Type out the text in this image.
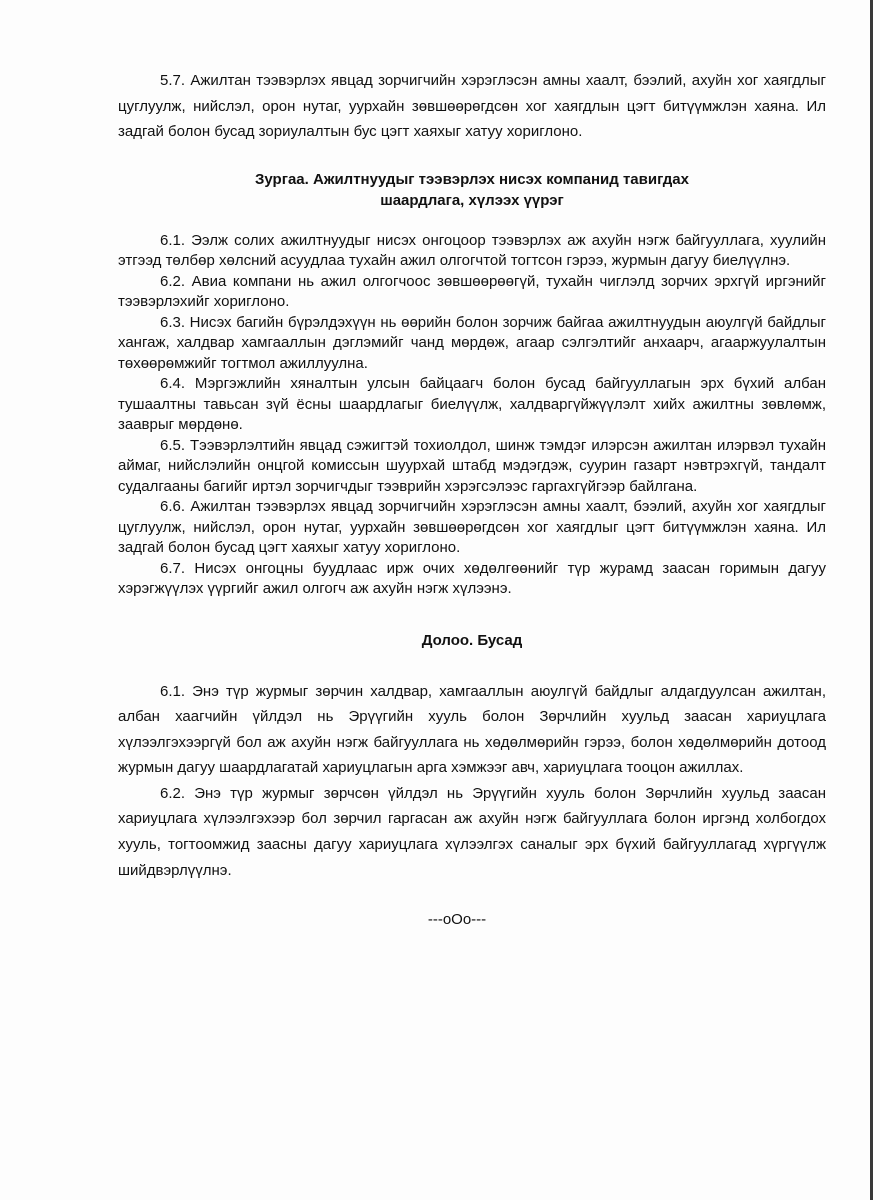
5.7. Ажилтан тээвэрлэх явцад зорчигчийн хэрэглэсэн амны хаалт, бээлий, ахуйн хог хаягдлыг цуглуулж, нийслэл, орон нутаг, уурхайн зөвшөөрөгдсөн хог хаягдлын цэгт битүүмжлэн хаяна. Ил задгай болон бусад зориулалтын бус цэгт хаяхыг хатуу хориглоно.

Зургаа. Ажилтнуудыг тээвэрлэх нисэх компанид тавигдах

шаардлага, хүлээх үүрэг

6.1. Ээлж солих ажилтнуудыг нисэх онгоцоор тээвэрлэх аж ахуйн нэгж байгууллага, хуулийн этгээд төлбөр хөлсний асуудлаа тухайн ажил олгогчтой тогтсон гэрээ, журмын дагуу биелүүлнэ.

6.2. Авиа компани нь ажил олгогчоос зөвшөөрөөгүй, тухайн чиглэлд зорчих эрхгүй иргэнийг тээвэрлэхийг хориглоно.

6.3. Нисэх багийн бүрэлдэхүүн нь өөрийн болон зорчиж байгаа ажилтнуудын аюулгүй байдлыг хангаж, халдвар хамгааллын дэглэмийг чанд мөрдөж, агаар сэлгэлтийг анхаарч, агааржуулалтын төхөөрөмжийг тогтмол ажиллуулна.

6.4. Мэргэжлийн хяналтын улсын байцаагч болон бусад байгууллагын эрх бүхий албан тушаалтны тавьсан зүй ёсны шаардлагыг биелүүлж, халдваргүйжүүлэлт хийх ажилтны зөвлөмж, зааврыг мөрдөнө.

6.5. Тээвэрлэлтийн явцад сэжигтэй тохиолдол, шинж тэмдэг илэрсэн ажилтан илэрвэл тухайн аймаг, нийслэлийн онцгой комиссын шуурхай штабд мэдэгдэж, суурин газарт нэвтрэхгүй, тандалт судалгааны багийг иртэл зорчигчдыг тээврийн хэрэгсэлээс гаргахгүйгээр байлгана.

6.6. Ажилтан тээвэрлэх явцад зорчигчийн хэрэглэсэн амны хаалт, бээлий, ахуйн хог хаягдлыг цуглуулж, нийслэл, орон нутаг, уурхайн зөвшөөрөгдсөн хог хаягдлыг цэгт битүүмжлэн хаяна. Ил задгай болон бусад цэгт хаяхыг хатуу хориглоно.

6.7. Нисэх онгоцны буудлаас ирж очих хөдөлгөөнийг түр журамд заасан горимын дагуу хэрэгжүүлэх үүргийг ажил олгогч аж ахуйн нэгж хүлээнэ.

Долоо. Бусад

6.1. Энэ түр журмыг зөрчин халдвар, хамгааллын аюулгүй байдлыг алдагдуулсан ажилтан, албан хаагчийн үйлдэл нь Эрүүгийн хууль болон Зөрчлийн хуульд заасан хариуцлага хүлээлгэхээргүй бол аж ахуйн нэгж байгууллага нь хөдөлмөрийн гэрээ, болон хөдөлмөрийн дотоод журмын дагуу шаардлагатай хариуцлагын арга хэмжээг авч, хариуцлага тооцон ажиллах.

6.2. Энэ түр журмыг зөрчсөн үйлдэл нь Эрүүгийн хууль болон Зөрчлийн хуульд заасан хариуцлага хүлээлгэхээр бол зөрчил гаргасан аж ахуйн нэгж байгууллага болон иргэнд холбогдох хууль, тогтоомжид заасны дагуу хариуцлага хүлээлгэх саналыг эрх бүхий байгууллагад хүргүүлж шийдвэрлүүлнэ.

---oOo---
